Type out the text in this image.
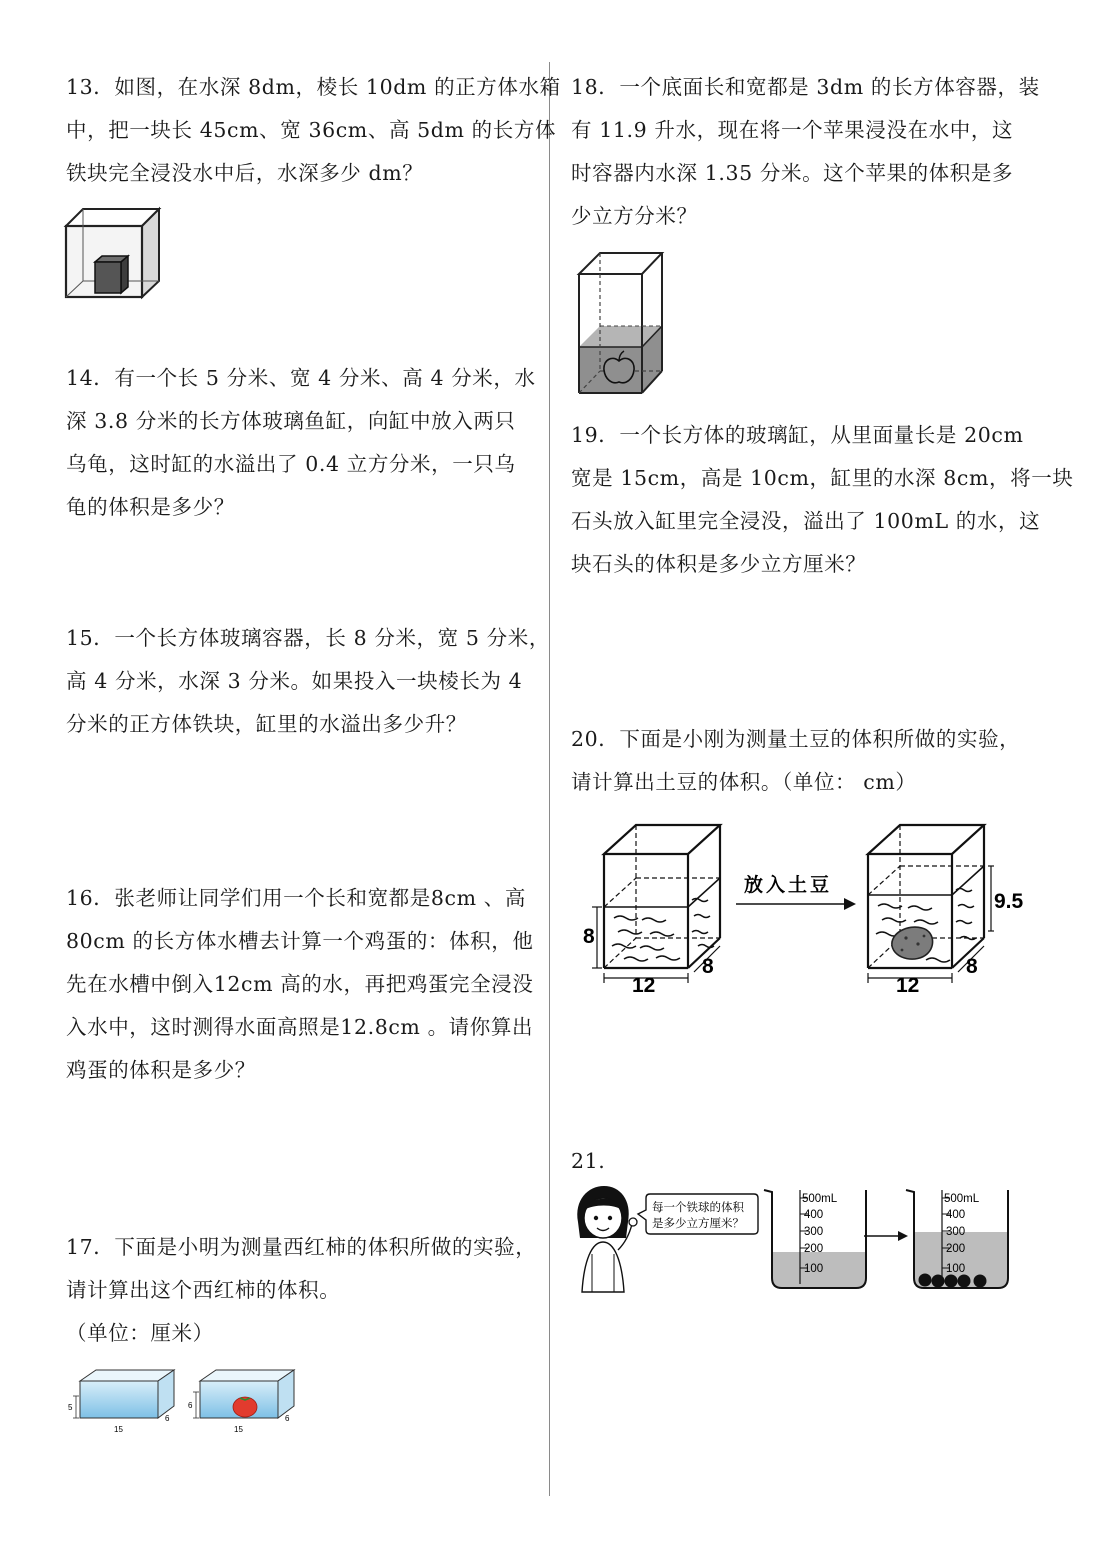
13．如图，在水深 8dm，棱长 10dm 的正方体水箱

中，把一块长 45cm、宽 36cm、高 5dm 的长方体

铁块完全浸没水中后，水深多少 dm？

14．有一个长 5 分米、宽 4 分米、高 4 分米，水

深 3.8 分米的长方体玻璃鱼缸，向缸中放入两只

乌龟，这时缸的水溢出了 0.4 立方分米，一只乌

龟的体积是多少？

15．一个长方体玻璃容器，长 8 分米，宽 5 分米，

高 4 分米，水深 3 分米。如果投入一块棱长为 4

分米的正方体铁块，缸里的水溢出多少升？

16．张老师让同学们用一个长和宽都是8cm 、高

80cm 的长方体水槽去计算一个鸡蛋的：体积，他

先在水槽中倒入12cm 高的水，再把鸡蛋完全浸没

入水中，这时测得水面高照是12.8cm 。请你算出

鸡蛋的体积是多少？

17．下面是小明为测量西红柿的体积所做的实验，

请计算出这个西红柿的体积。

（单位：厘米）

5
15
6
6
15
6

18．一个底面长和宽都是 3dm 的长方体容器，装

有 11.9 升水，现在将一个苹果浸没在水中，这

时容器内水深 1.35 分米。这个苹果的体积是多

少立方分米？

19．一个长方体的玻璃缸，从里面量长是 20cm

宽是 15cm，高是 10cm，缸里的水深 8cm，将一块

石头放入缸里完全浸没，溢出了 100mL 的水，这

块石头的体积是多少立方厘米？

20．下面是小刚为测量土豆的体积所做的实验，

请计算出土豆的体积。（单位： cm）

8
12
8
放入土豆
9.5
12
8

21.

每一个铁球的体积
是多少立方厘米？
500mL
400
300
200
100
500mL
400
300
200
100
